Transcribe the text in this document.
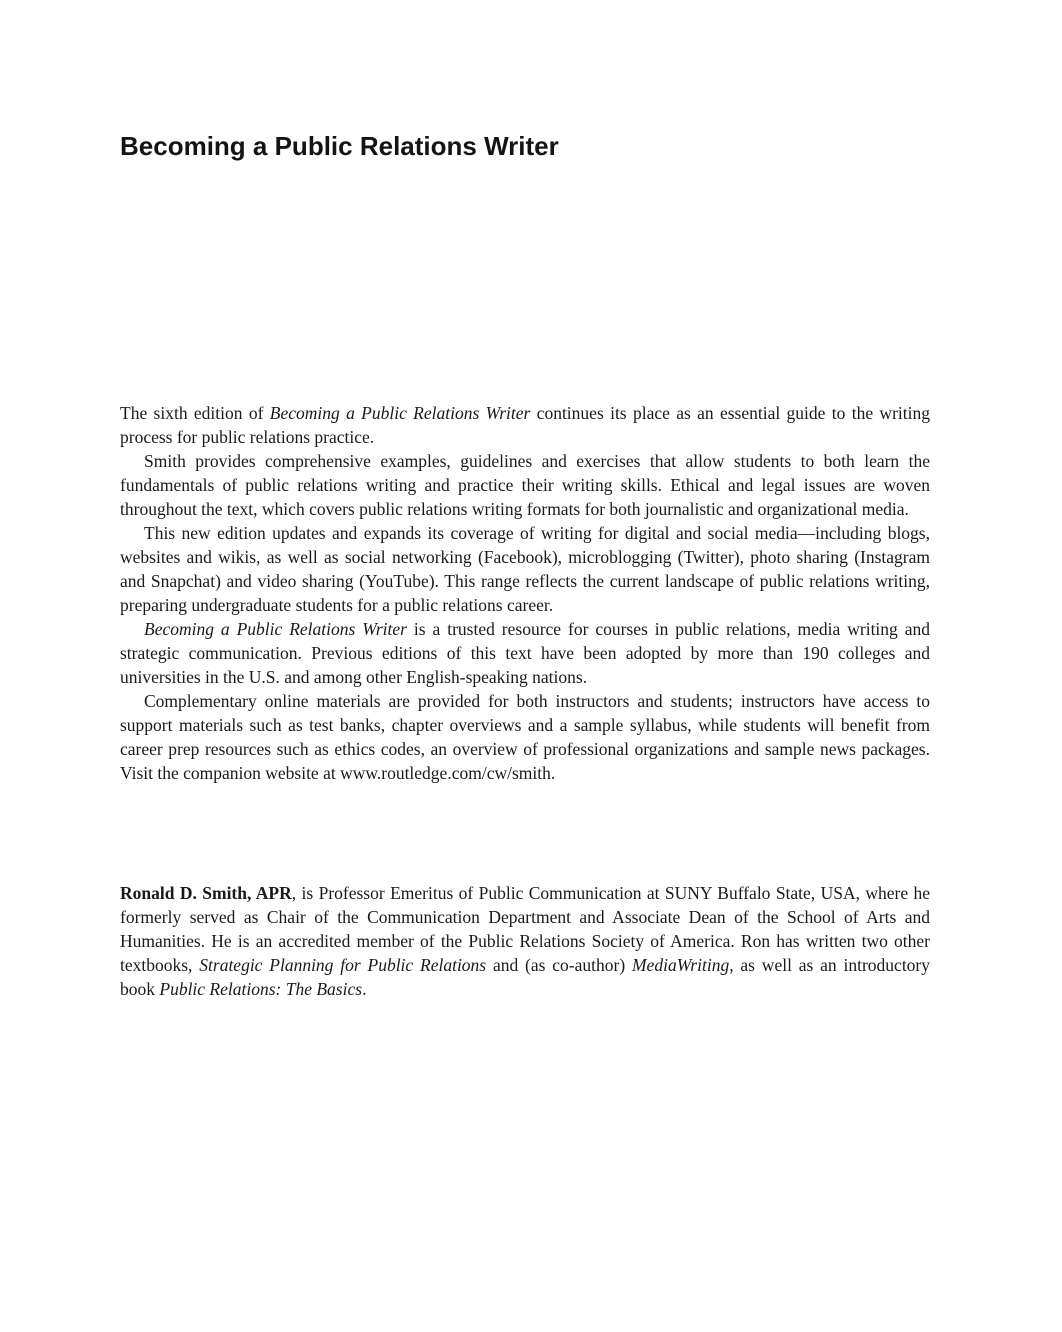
Becoming a Public Relations Writer

The sixth edition of Becoming a Public Relations Writer continues its place as an essential guide to the writing process for public relations practice.

Smith provides comprehensive examples, guidelines and exercises that allow students to both learn the fundamentals of public relations writing and practice their writing skills. Ethical and legal issues are woven throughout the text, which covers public relations writing formats for both journalistic and organizational media.

This new edition updates and expands its coverage of writing for digital and social media—including blogs, websites and wikis, as well as social networking (Facebook), microblogging (Twitter), photo sharing (Instagram and Snapchat) and video sharing (YouTube). This range reflects the current landscape of public relations writing, preparing undergraduate students for a public relations career.

Becoming a Public Relations Writer is a trusted resource for courses in public relations, media writing and strategic communication. Previous editions of this text have been adopted by more than 190 colleges and universities in the U.S. and among other English-speaking nations.

Complementary online materials are provided for both instructors and students; instructors have access to support materials such as test banks, chapter overviews and a sample syllabus, while students will benefit from career prep resources such as ethics codes, an overview of professional organizations and sample news packages. Visit the companion website at www.routledge.com/cw/smith.

Ronald D. Smith, APR, is Professor Emeritus of Public Communication at SUNY Buffalo State, USA, where he formerly served as Chair of the Communication Department and Associate Dean of the School of Arts and Humanities. He is an accredited member of the Public Relations Society of America. Ron has written two other textbooks, Strategic Planning for Public Relations and (as co-author) MediaWriting, as well as an introductory book Public Relations: The Basics.
